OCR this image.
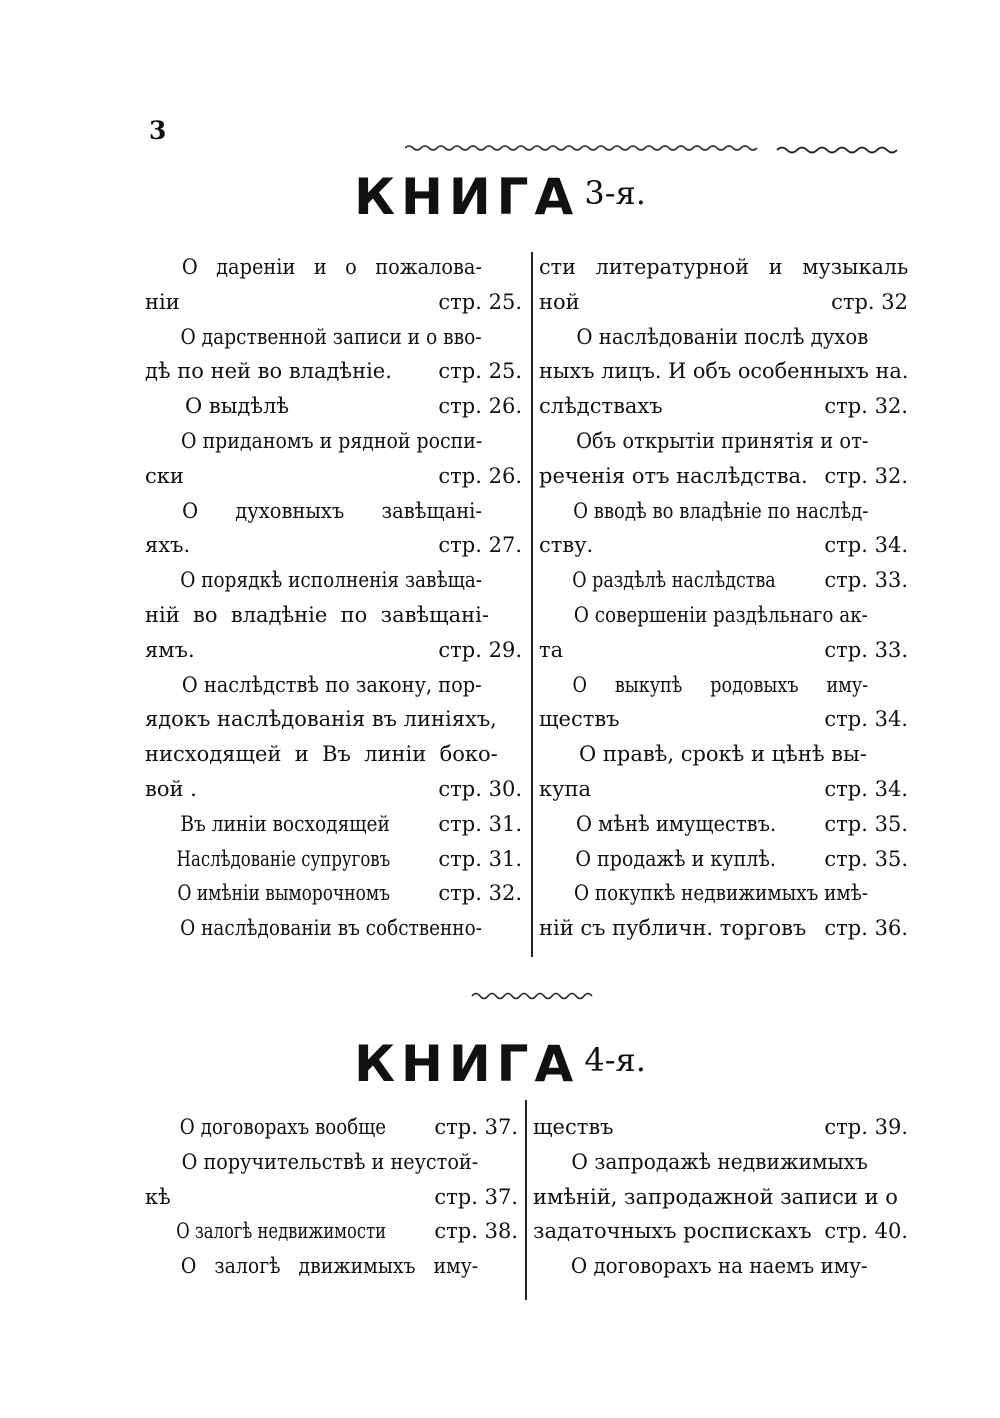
3
КНИГА 3-я.
О   дареніи   и   о   пожалова-
ніи	стр. 25.
О дарственной записи и о вво-
дѣ по ней во владѣніе. стр. 25.
О выдѣлѣ	стр. 26.
О приданомъ и рядной роспи-
ски	стр. 26.
О      духовныхъ      завѣщані-
яхъ.	стр. 27.
О порядкѣ исполненія завѣща-
ній  во  владѣніе  по  завѣщані-
ямъ.	стр. 29.
О наслѣдствѣ по закону, пор-
ядокъ наслѣдованія въ линіяхъ,
нисходящей  и  Въ  линіи  боко-
вой .	стр. 30.
Въ линіи восходящей	стр. 31.
Наслѣдованіе супруговъ стр. 31.
О имѣніи выморочномъ стр. 32.
О наслѣдованіи въ собственно-
сти   литературной   и   музыкаль
ной	стр. 32
О наслѣдованіи послѣ духов
ныхъ лицъ. И объ особенныхъ на.
слѣдствахъ	стр. 32.
Объ открытіи принятія и от-
реченія отъ наслѣдства. стр. 32.
О вводѣ во владѣніе по наслѣд-
ству.	стр. 34.
О раздѣлѣ наслѣдства стр. 33.
О совершеніи раздѣльнаго ак-
та	стр. 33.
О     выкупѣ     родовыхъ     иму-
ществъ	стр. 34.
О правѣ, срокѣ и цѣнѣ вы-
купа	стр. 34.
О мѣнѣ имуществъ.	стр. 35.
О продажѣ и куплѣ.	стр. 35.
О покупкѣ недвижимыхъ имѣ-
ній съ публичн. торговъ стр. 36.
КНИГА 4-я.
О договорахъ вообще стр. 37.
О поручительствѣ и неустой-
кѣ	стр. 37.
О залогѣ недвижимости стр. 38.
О   залогѣ   движимыхъ   иму-
ществъ	стр. 39.
О запродажѣ недвижимыхъ
имѣній, запродажной записи и о
задаточныхъ роспискахъ стр. 40.
О договорахъ на наемъ иму-
